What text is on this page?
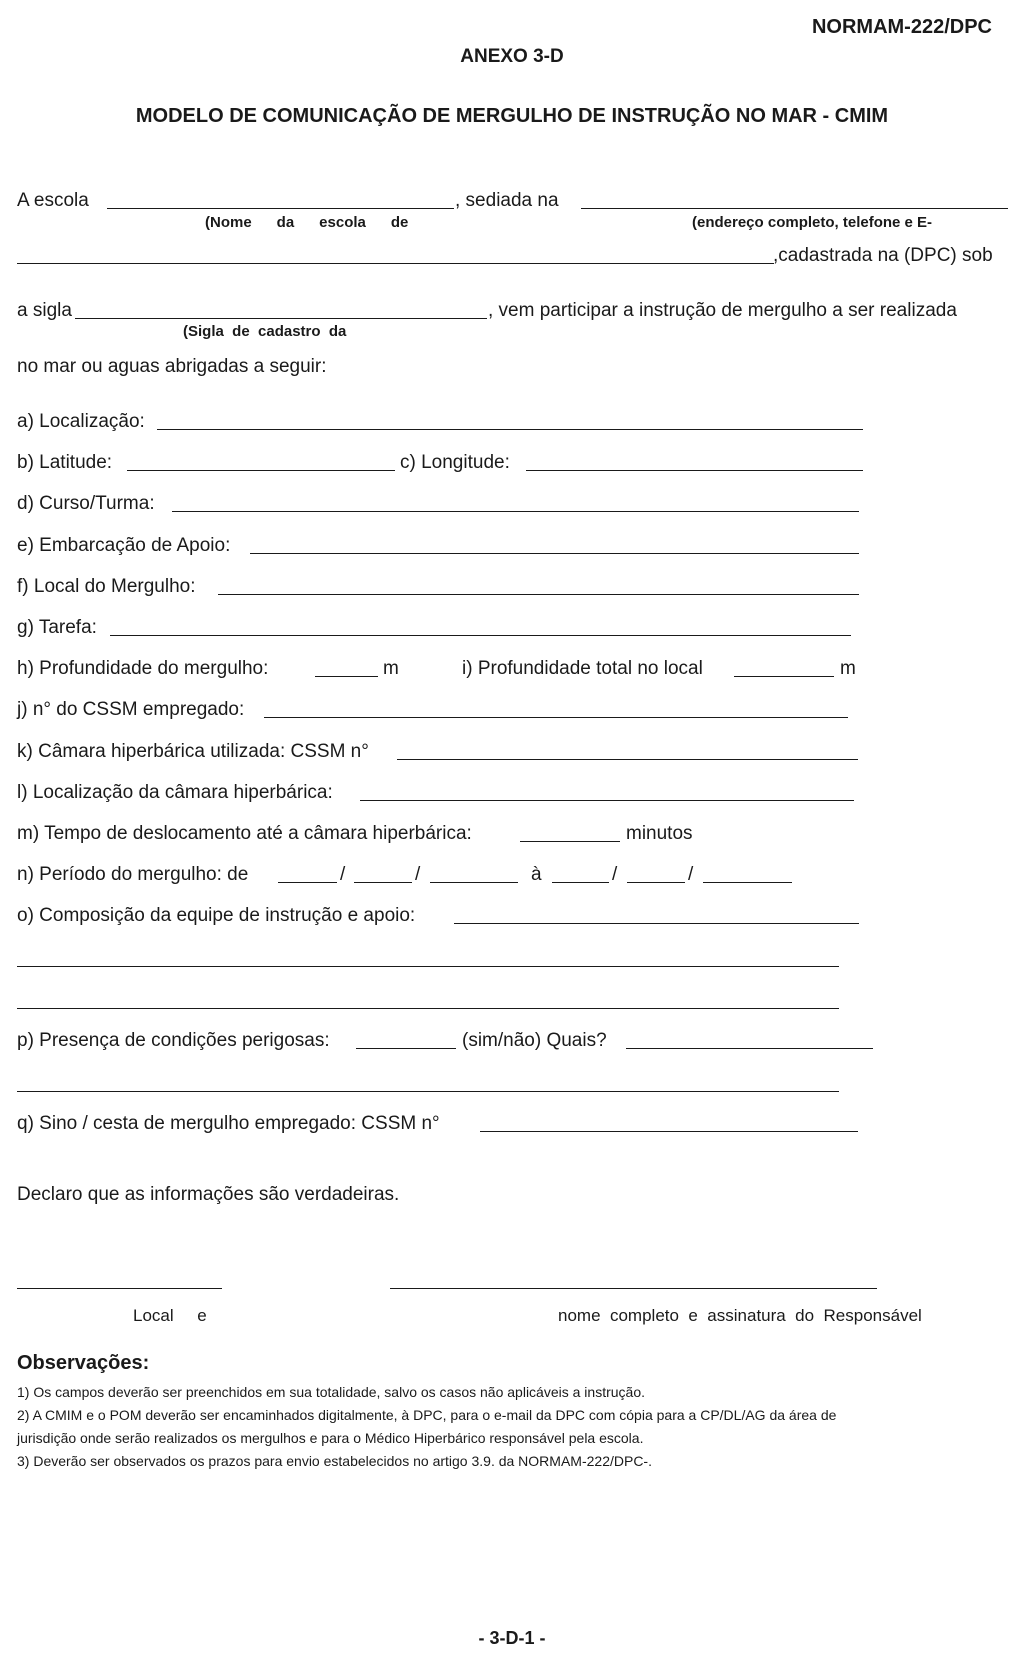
NORMAM-222/DPC
ANEXO 3-D
MODELO DE COMUNICAÇÃO DE MERGULHO DE INSTRUÇÃO NO MAR - CMIM
A escola	, sediada na
(Nome      da      escola      de	(endereço completo, telefone e E-
,cadastrada na (DPC) sob
a sigla	, vem participar a instrução de mergulho a ser realizada
(Sigla  de  cadastro  da
no mar ou aguas abrigadas a seguir:
a) Localização:
b) Latitude:	c) Longitude:
d) Curso/Turma:
e) Embarcação de Apoio:
f) Local do Mergulho:
g) Tarefa:
h) Profundidade do mergulho:	m	i) Profundidade total no local	m
j) n° do CSSM empregado:
k) Câmara hiperbárica utilizada: CSSM n°
l) Localização da câmara hiperbárica:
m) Tempo de deslocamento até a câmara hiperbárica:	minutos
n) Período do mergulho: de	/	/	à	/	/
o) Composição da equipe de instrução e apoio:
p) Presença de condições perigosas:	(sim/não) Quais?
q) Sino / cesta de mergulho empregado: CSSM n°
Declaro que as informações são verdadeiras.
Local     e	nome  completo  e  assinatura  do  Responsável
Observações:
1) Os campos deverão ser preenchidos em sua totalidade, salvo os casos não aplicáveis a instrução.
2) A CMIM e o POM deverão ser encaminhados digitalmente, à DPC, para o e-mail da DPC com cópia para a CP/DL/AG da área de
jurisdição onde serão realizados os mergulhos e para o Médico Hiperbárico responsável pela escola.
3) Deverão ser observados os prazos para envio estabelecidos no artigo 3.9. da NORMAM-222/DPC-.
- 3-D-1 -
